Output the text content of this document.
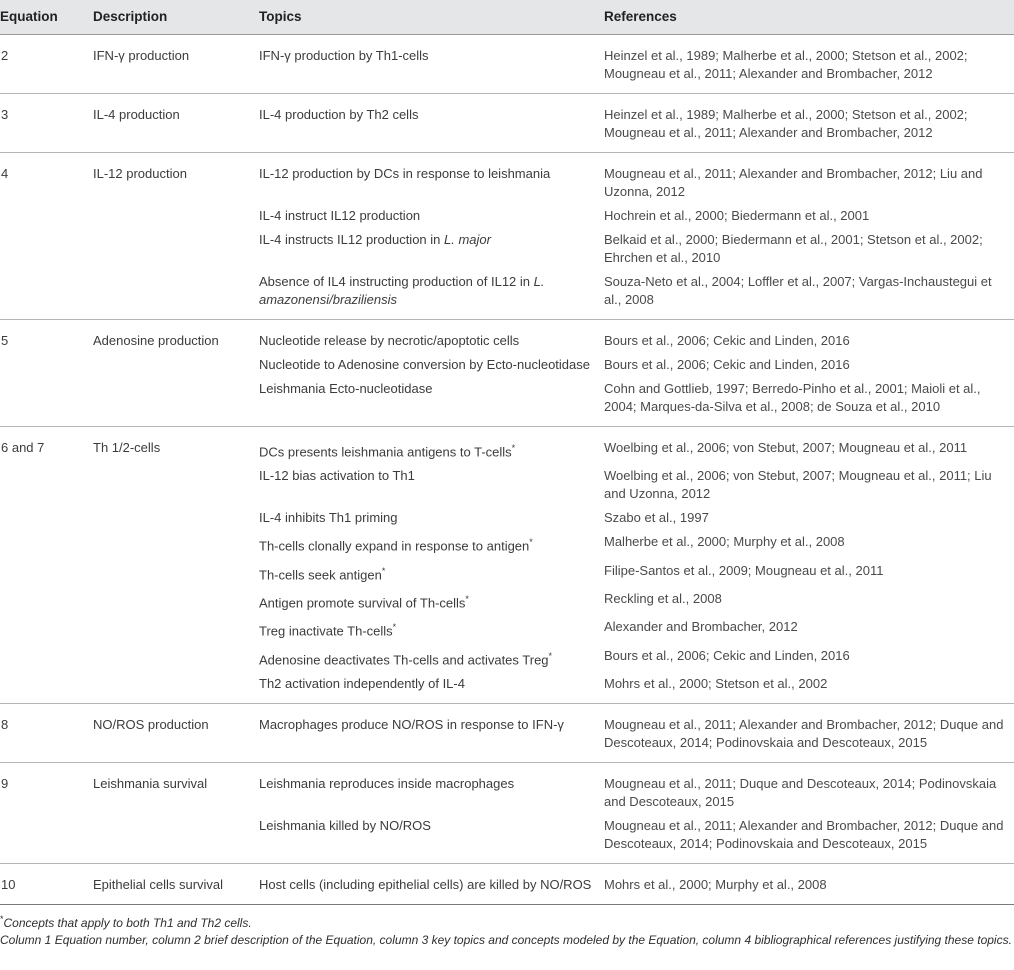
Equation	Description	Topics	References
2	IFN-γ production	IFN-γ production by Th1-cells	Heinzel et al., 1989; Malherbe et al., 2000; Stetson et al., 2002; Mougneau et al., 2011; Alexander and Brombacher, 2012
3	IL-4 production	IL-4 production by Th2 cells	Heinzel et al., 1989; Malherbe et al., 2000; Stetson et al., 2002; Mougneau et al., 2011; Alexander and Brombacher, 2012
4	IL-12 production	IL-12 production by DCs in response to leishmania	Mougneau et al., 2011; Alexander and Brombacher, 2012; Liu and Uzonna, 2012
		IL-4 instruct IL12 production	Hochrein et al., 2000; Biedermann et al., 2001
		IL-4 instructs IL12 production in L. major	Belkaid et al., 2000; Biedermann et al., 2001; Stetson et al., 2002; Ehrchen et al., 2010
		Absence of IL4 instructing production of IL12 in L. amazonensi/braziliensis	Souza-Neto et al., 2004; Loffler et al., 2007; Vargas-Inchaustegui et al., 2008
5	Adenosine production	Nucleotide release by necrotic/apoptotic cells	Bours et al., 2006; Cekic and Linden, 2016
		Nucleotide to Adenosine conversion by Ecto-nucleotidase	Bours et al., 2006; Cekic and Linden, 2016
		Leishmania Ecto-nucleotidase	Cohn and Gottlieb, 1997; Berredo-Pinho et al., 2001; Maioli et al., 2004; Marques-da-Silva et al., 2008; de Souza et al., 2010
6 and 7	Th 1/2-cells	DCs presents leishmania antigens to T-cells*	Woelbing et al., 2006; von Stebut, 2007; Mougneau et al., 2011
		IL-12 bias activation to Th1	Woelbing et al., 2006; von Stebut, 2007; Mougneau et al., 2011; Liu and Uzonna, 2012
		IL-4 inhibits Th1 priming	Szabo et al., 1997
		Th-cells clonally expand in response to antigen*	Malherbe et al., 2000; Murphy et al., 2008
		Th-cells seek antigen*	Filipe-Santos et al., 2009; Mougneau et al., 2011
		Antigen promote survival of Th-cells*	Reckling et al., 2008
		Treg inactivate Th-cells*	Alexander and Brombacher, 2012
		Adenosine deactivates Th-cells and activates Treg*	Bours et al., 2006; Cekic and Linden, 2016
		Th2 activation independently of IL-4	Mohrs et al., 2000; Stetson et al., 2002
8	NO/ROS production	Macrophages produce NO/ROS in response to IFN-γ	Mougneau et al., 2011; Alexander and Brombacher, 2012; Duque and Descoteaux, 2014; Podinovskaia and Descoteaux, 2015
9	Leishmania survival	Leishmania reproduces inside macrophages	Mougneau et al., 2011; Duque and Descoteaux, 2014; Podinovskaia and Descoteaux, 2015
		Leishmania killed by NO/ROS	Mougneau et al., 2011; Alexander and Brombacher, 2012; Duque and Descoteaux, 2014; Podinovskaia and Descoteaux, 2015
10	Epithelial cells survival	Host cells (including epithelial cells) are killed by NO/ROS	Mohrs et al., 2000; Murphy et al., 2008

*Concepts that apply to both Th1 and Th2 cells.

Column 1 Equation number, column 2 brief description of the Equation, column 3 key topics and concepts modeled by the Equation, column 4 bibliographical references justifying these topics.
